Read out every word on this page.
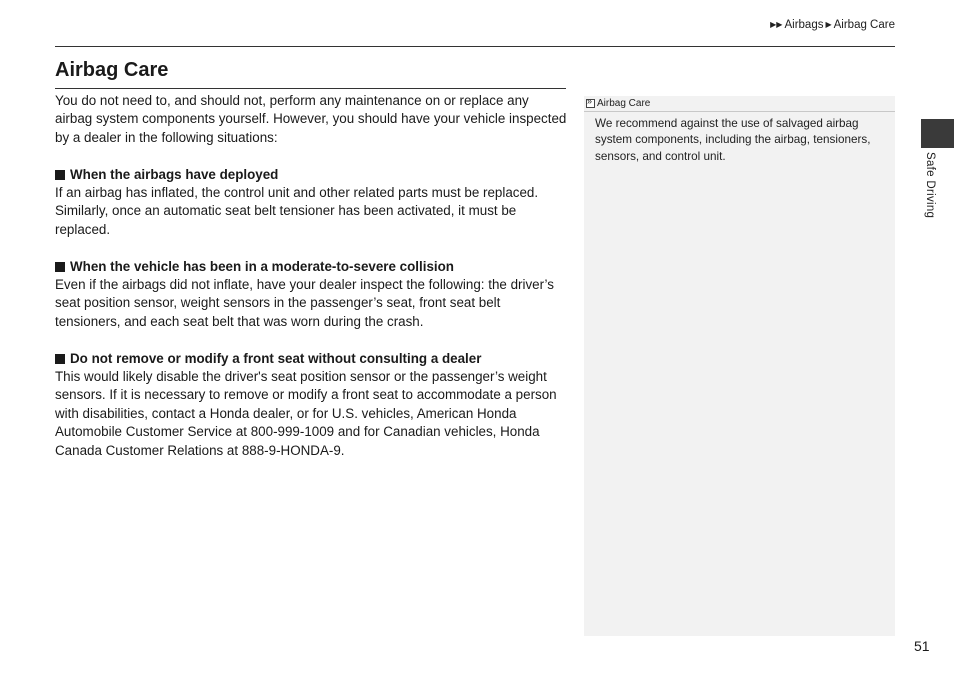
▶▶ Airbags ▶ Airbag Care
Airbag Care

You do not need to, and should not, perform any maintenance on or replace any airbag system components yourself. However, you should have your vehicle inspected by a dealer in the following situations:

When the airbags have deployed

If an airbag has inflated, the control unit and other related parts must be replaced. Similarly, once an automatic seat belt tensioner has been activated, it must be replaced.

When the vehicle has been in a moderate-to-severe collision

Even if the airbags did not inflate, have your dealer inspect the following: the driver’s seat position sensor, weight sensors in the passenger’s seat, front seat belt tensioners, and each seat belt that was worn during the crash.

Do not remove or modify a front seat without consulting a dealer

This would likely disable the driver's seat position sensor or the passenger’s weight sensors. If it is necessary to remove or modify a front seat to accommodate a person with disabilities, contact a Honda dealer, or for U.S. vehicles, American Honda Automobile Customer Service at 800-999-1009 and for Canadian vehicles, Honda Canada Customer Relations at 888-9-HONDA-9.

»
Airbag Care

We recommend against the use of salvaged airbag system components, including the airbag, tensioners, sensors, and control unit.	Safe Driving
51
